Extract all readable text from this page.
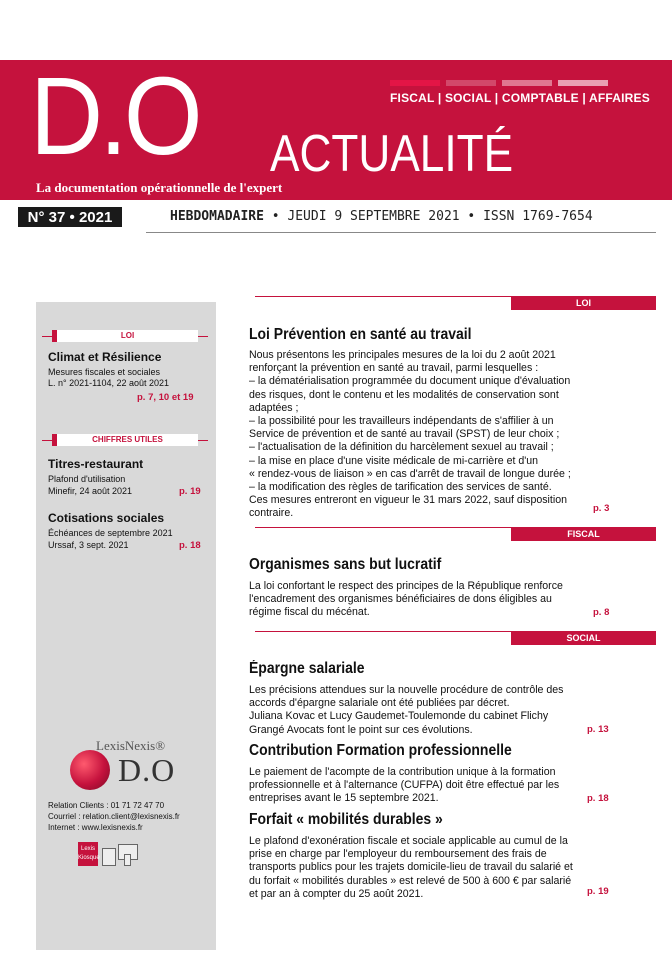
FISCAL | SOCIAL | COMPTABLE | AFFAIRES
D.O ACTUALITÉ
La documentation opérationnelle de l'expert
N° 37 • 2021	HEBDOMADAIRE • JEUDI 9 SEPTEMBRE 2021 • ISSN 1769-7654
LOI
Climat et Résilience
Mesures fiscales et sociales
L. n° 2021-1104, 22 août 2021
p. 7, 10 et 19
CHIFFRES UTILES
Titres-restaurant
Plafond d'utilisation
Minefir, 24 août 2021	p. 19
Cotisations sociales
Échéances de septembre 2021
Urssaf, 3 sept. 2021	p. 18
LexisNexis®
D.O
Relation Clients : 01 71 72 47 70
Courriel : relation.client@lexisnexis.fr
Internet : www.lexisnexis.fr
Lexis Kiosque
LOI
Loi Prévention en santé au travail
Nous présentons les principales mesures de la loi du 2 août 2021
renforçant la prévention en santé au travail, parmi lesquelles :
– la dématérialisation programmée du document unique d'évaluation
des risques, dont le contenu et les modalités de conservation sont
adaptées ;
– la possibilité pour les travailleurs indépendants de s'affilier à un
Service de prévention et de santé au travail (SPST) de leur choix ;
– l'actualisation de la définition du harcèlement sexuel au travail ;
– la mise en place d'une visite médicale de mi-carrière et d'un
« rendez-vous de liaison » en cas d'arrêt de travail de longue durée ;
– la modification des règles de tarification des services de santé.
Ces mesures entreront en vigueur le 31 mars 2022, sauf disposition
contraire.	p. 3
FISCAL
Organismes sans but lucratif
La loi confortant le respect des principes de la République renforce
l'encadrement des organismes bénéficiaires de dons éligibles au
régime fiscal du mécénat.	p. 8
SOCIAL
Épargne salariale
Les précisions attendues sur la nouvelle procédure de contrôle des
accords d'épargne salariale ont été publiées par décret.
Juliana Kovac et Lucy Gaudemet-Toulemonde du cabinet Flichy
Grangé Avocats font le point sur ces évolutions.	p. 13
Contribution Formation professionnelle
Le paiement de l'acompte de la contribution unique à la formation
professionnelle et à l'alternance (CUFPA) doit être effectué par les
entreprises avant le 15 septembre 2021.	p. 18
Forfait « mobilités durables »
Le plafond d'exonération fiscale et sociale applicable au cumul de la
prise en charge par l'employeur du remboursement des frais de
transports publics pour les trajets domicile-lieu de travail du salarié et
du forfait « mobilités durables » est relevé de 500 à 600 € par salarié
et par an à compter du 25 août 2021.	p. 19
